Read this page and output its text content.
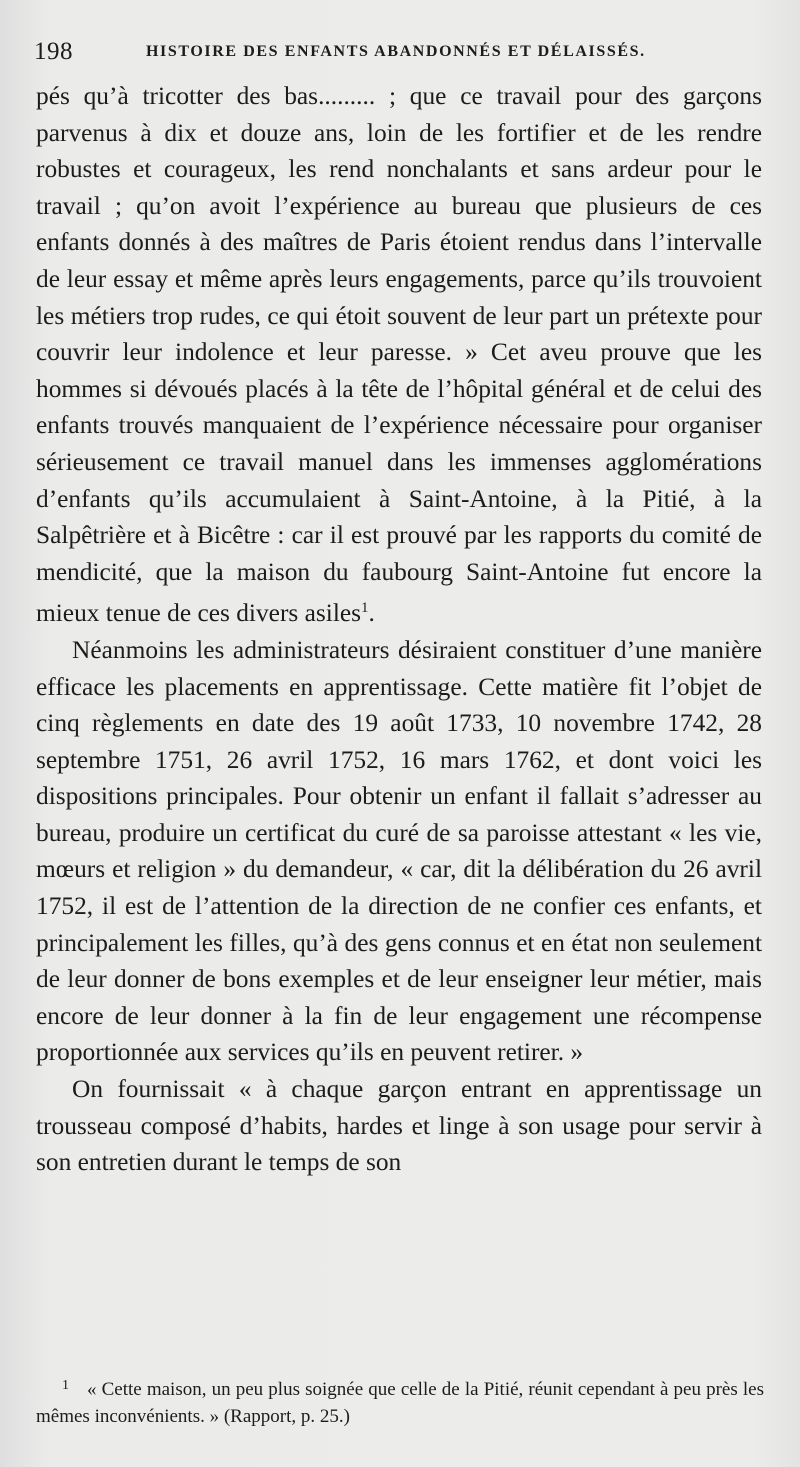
198	HISTOIRE DES ENFANTS ABANDONNÉS ET DÉLAISSÉS.

pés qu’à tricotter des bas......... ; que ce travail pour des garçons parvenus à dix et douze ans, loin de les fortifier et de les rendre robustes et courageux, les rend nonchalants et sans ardeur pour le travail ; qu’on avoit l’expérience au bureau que plusieurs de ces enfants donnés à des maîtres de Paris étoient rendus dans l’intervalle de leur essay et même après leurs engagements, parce qu’ils trouvoient les métiers trop rudes, ce qui étoit souvent de leur part un prétexte pour couvrir leur indolence et leur paresse. » Cet aveu prouve que les hommes si dévoués placés à la tête de l’hôpital général et de celui des enfants trouvés manquaient de l’expérience nécessaire pour organiser sérieusement ce travail manuel dans les immenses agglomérations d’enfants qu’ils accumulaient à Saint-Antoine, à la Pitié, à la Salpêtrière et à Bicêtre : car il est prouvé par les rapports du comité de mendicité, que la maison du faubourg Saint-Antoine fut encore la mieux tenue de ces divers asiles$^1$.

Néanmoins les administrateurs désiraient constituer d’une manière efficace les placements en apprentissage. Cette matière fit l’objet de cinq règlements en date des 19 août 1733, 10 novembre 1742, 28 septembre 1751, 26 avril 1752, 16 mars 1762, et dont voici les dispositions principales. Pour obtenir un enfant il fallait s’adresser au bureau, produire un certificat du curé de sa paroisse attestant « les vie, mœurs et religion » du demandeur, « car, dit la délibération du 26 avril 1752, il est de l’attention de la direction de ne confier ces enfants, et principalement les filles, qu’à des gens connus et en état non seulement de leur donner de bons exemples et de leur enseigner leur métier, mais encore de leur donner à la fin de leur engagement une récompense proportionnée aux services qu’ils en peuvent retirer. »

On fournissait « à chaque garçon entrant en apprentissage un trousseau composé d’habits, hardes et linge à son usage pour servir à son entretien durant le temps de son

$^1$ « Cette maison, un peu plus soignée que celle de la Pitié, réunit cependant à peu près les mêmes inconvénients. » (Rapport, p. 25.)
